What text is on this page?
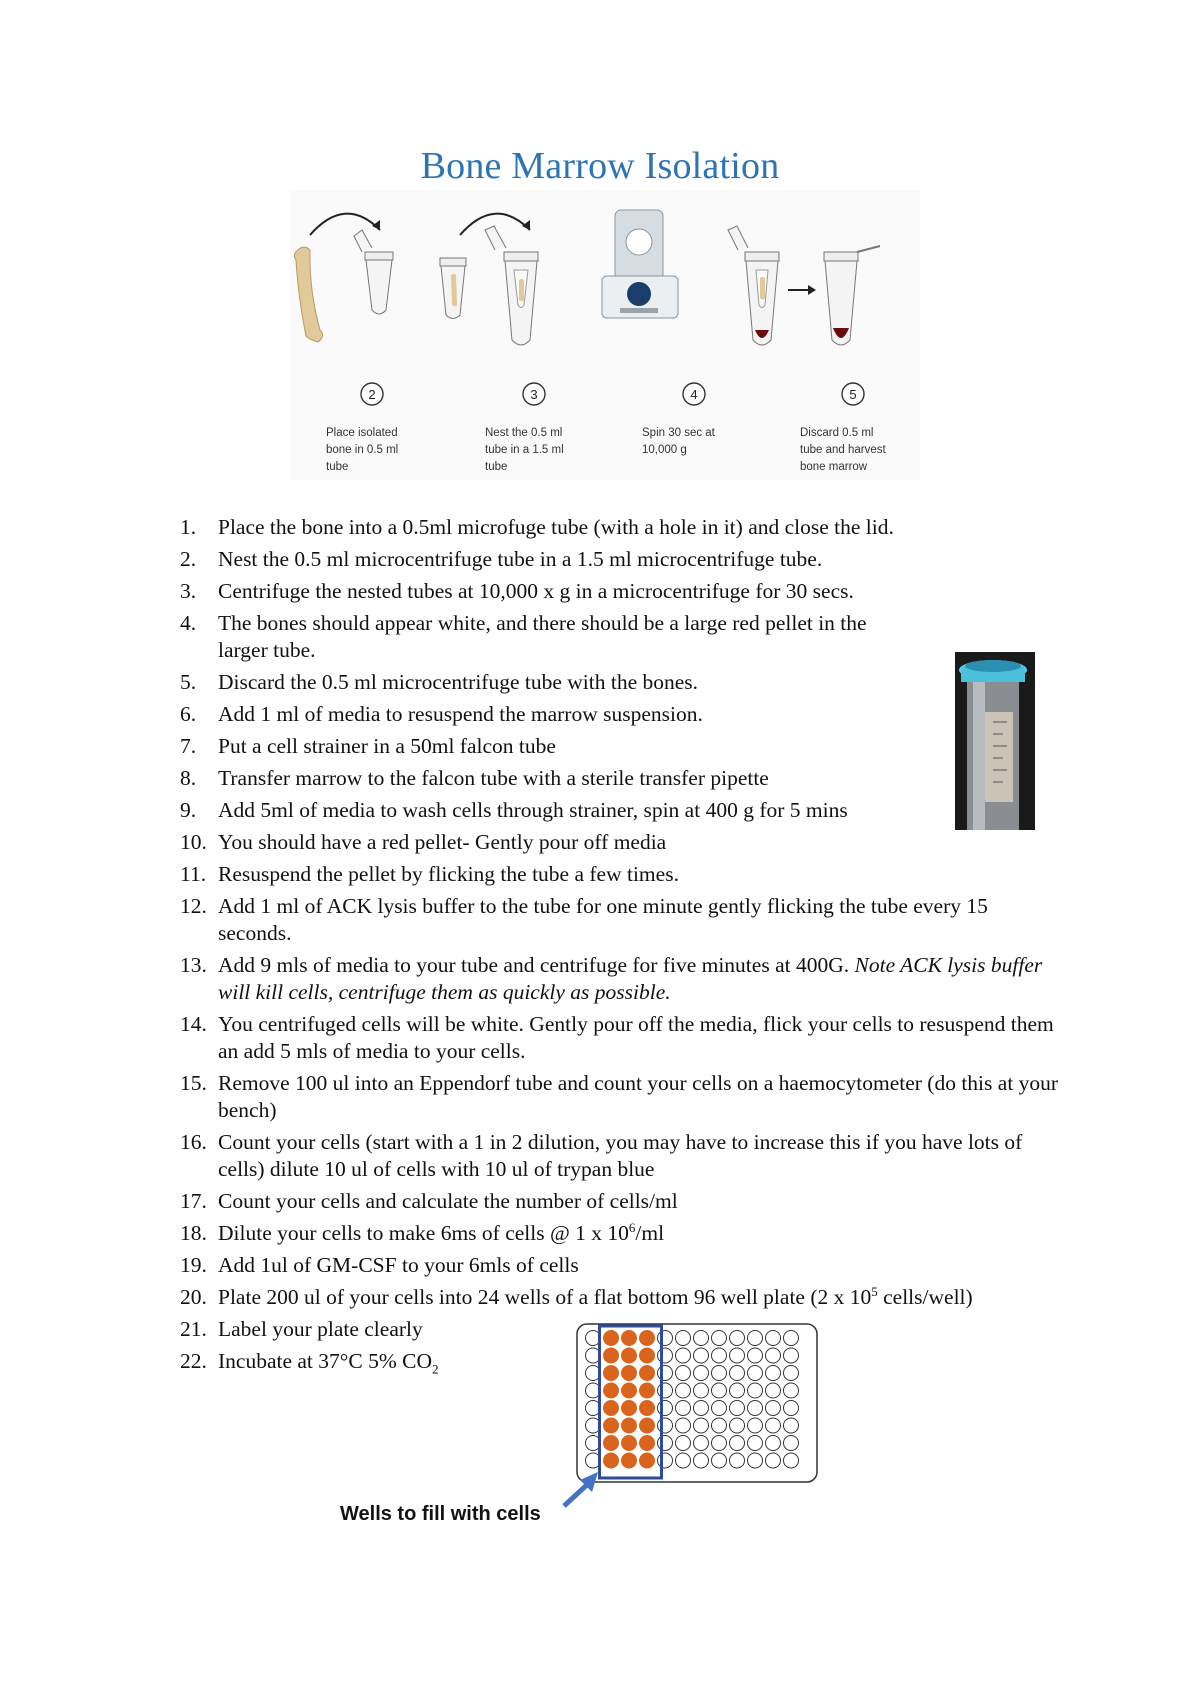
Bone Marrow Isolation
2	3	4	5
Place isolated
bone in 0.5 ml
tube
Nest the 0.5 ml
tube in a 1.5 ml
tube
Spin 30 sec at
10,000 g
Discard 0.5 ml
tube and harvest
bone marrow
1.	Place the bone into a 0.5ml microfuge tube (with a hole in it) and close the lid.
2.	Nest the 0.5 ml microcentrifuge tube in a 1.5 ml microcentrifuge tube.
3.	Centrifuge the nested tubes at 10,000 x g in a microcentrifuge for 30 secs.
4.	The bones should appear white, and there should be a large red pellet in the larger tube.
5.	Discard the 0.5 ml microcentrifuge tube with the bones.
6.	Add 1 ml of media to resuspend the marrow suspension.
7.	Put a cell strainer in a 50ml falcon tube
8.	Transfer marrow to the falcon tube with a sterile transfer pipette
9.	Add 5ml of media to wash cells through strainer, spin at 400 g for 5 mins
10. You should have a red pellet- Gently pour off media
11. Resuspend the pellet by flicking the tube a few times.
12. Add 1 ml of ACK lysis buffer to the tube for one minute gently flicking the tube every 15 seconds.
13. Add 9 mls of media to your tube and centrifuge for five minutes at 400G. Note ACK lysis buffer will kill cells, centrifuge them as quickly as possible.
14. You centrifuged cells will be white. Gently pour off the media, flick your cells to resuspend them an add 5 mls of media to your cells.
15. Remove 100 ul into an Eppendorf tube and count your cells on a haemocytometer (do this at your bench)
16. Count your cells (start with a 1 in 2 dilution, you may have to increase this if you have lots of cells) dilute 10 ul of cells with 10 ul of trypan blue
17. Count your cells and calculate the number of cells/ml
18. Dilute your cells to make 6ms of cells @ 1 x $10^6/ml$
19. Add 1ul of GM-CSF to your 6mls of cells
20. Plate 200 ul of your cells into 24 wells of a flat bottom 96 well plate (2 x $10^5$ cells/well)
21. Label your plate clearly
22. Incubate at 37°C 5% $CO_2$
Wells to fill with cells
